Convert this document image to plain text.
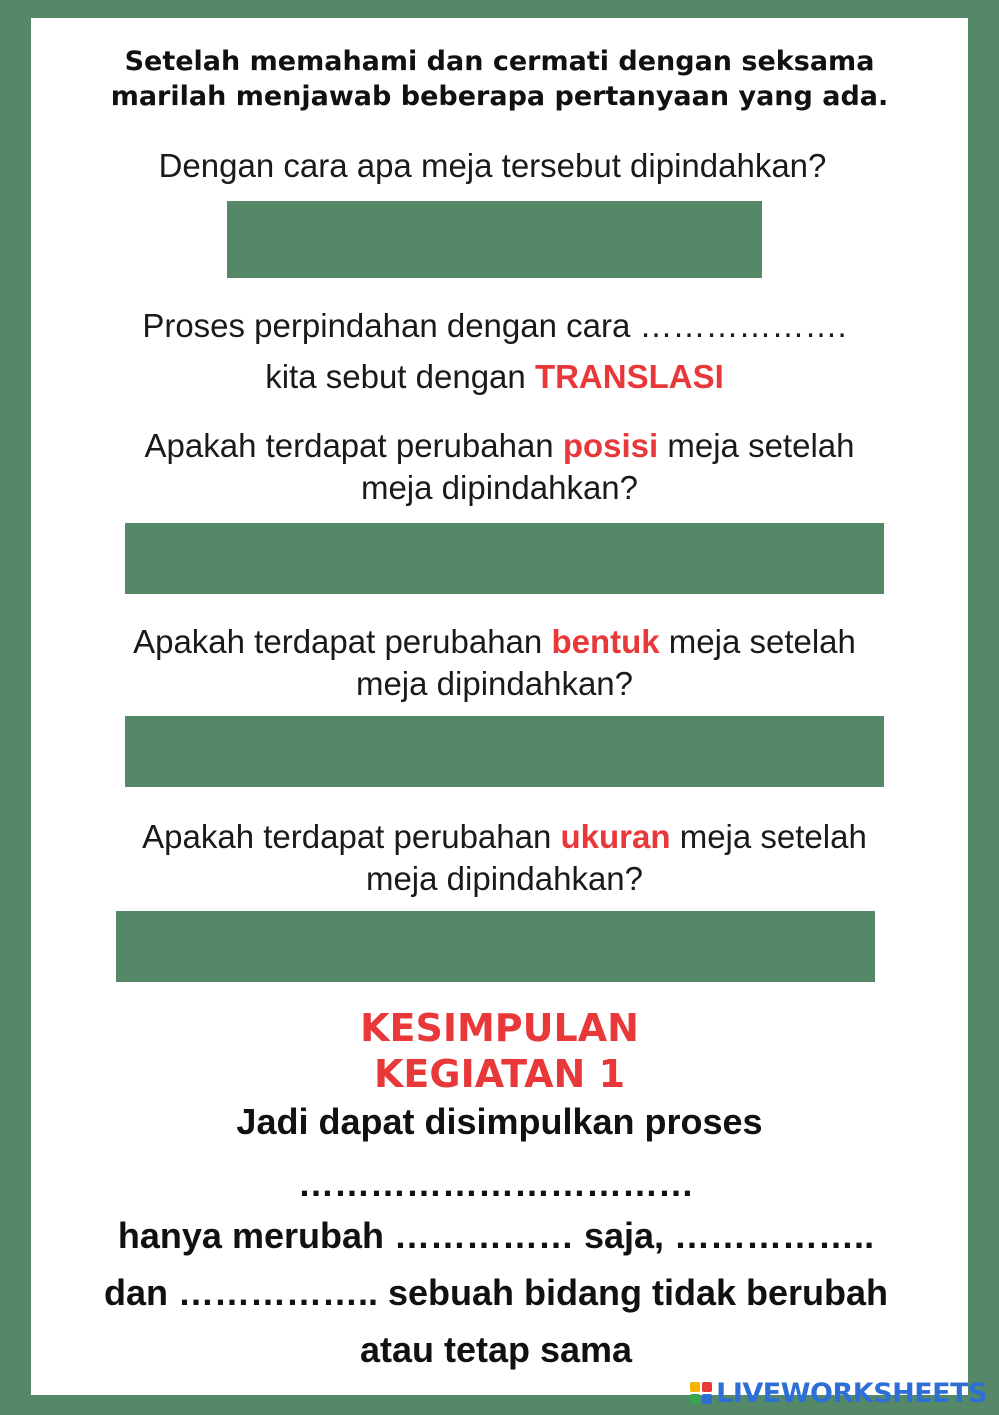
Setelah memahami dan cermati dengan seksama
marilah menjawab beberapa pertanyaan yang ada.
Dengan cara apa meja tersebut dipindahkan?
Proses perpindahan dengan cara ……………….
kita sebut dengan TRANSLASI
Apakah terdapat perubahan posisi meja setelah
meja dipindahkan?
Apakah terdapat perubahan bentuk meja setelah
meja dipindahkan?
Apakah terdapat perubahan ukuran meja setelah
meja dipindahkan?
KESIMPULAN
KEGIATAN 1
Jadi dapat disimpulkan proses
……………………………
hanya merubah …………… saja, ……………..
dan …………….. sebuah bidang tidak berubah
atau tetap sama
LIVEWORKSHEETS
